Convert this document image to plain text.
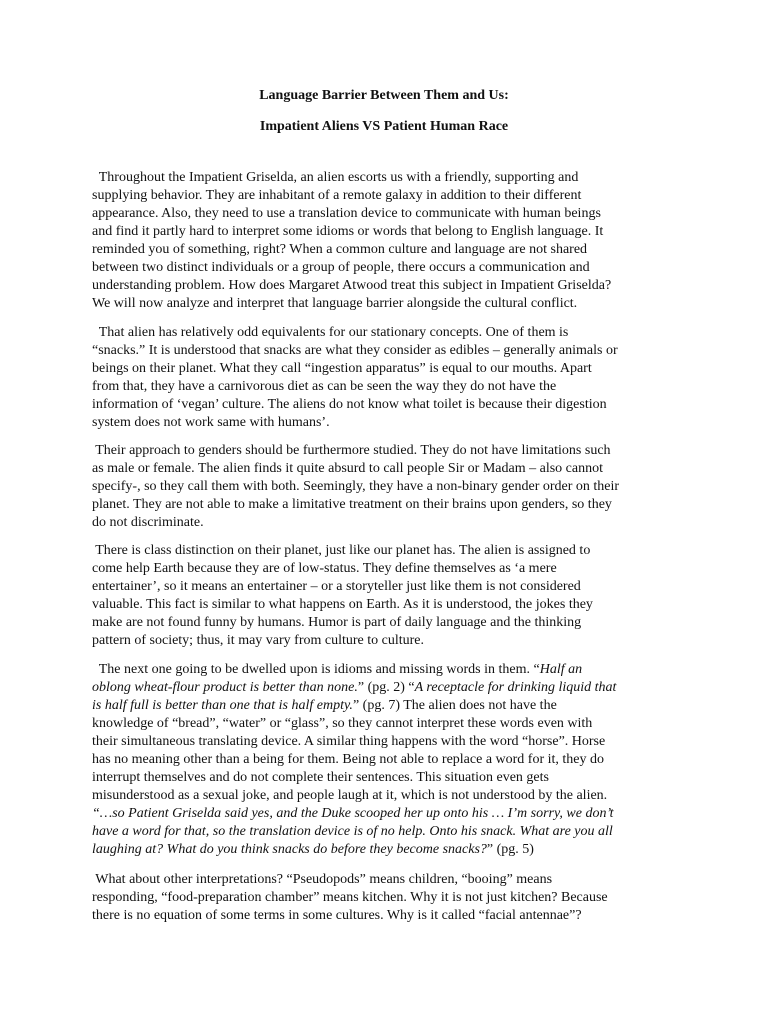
Language Barrier Between Them and Us:
Impatient Aliens VS Patient Human Race
Throughout the Impatient Griselda, an alien escorts us with a friendly, supporting and
supplying behavior. They are inhabitant of a remote galaxy in addition to their different
appearance. Also, they need to use a translation device to communicate with human beings
and find it partly hard to interpret some idioms or words that belong to English language. It
reminded you of something, right? When a common culture and language are not shared
between two distinct individuals or a group of people, there occurs a communication and
understanding problem. How does Margaret Atwood treat this subject in Impatient Griselda?
We will now analyze and interpret that language barrier alongside the cultural conflict.
That alien has relatively odd equivalents for our stationary concepts. One of them is
“snacks.” It is understood that snacks are what they consider as edibles – generally animals or
beings on their planet. What they call “ingestion apparatus” is equal to our mouths. Apart
from that, they have a carnivorous diet as can be seen the way they do not have the
information of ‘vegan’ culture. The aliens do not know what toilet is because their digestion
system does not work same with humans’.
Their approach to genders should be furthermore studied. They do not have limitations such
as male or female. The alien finds it quite absurd to call people Sir or Madam – also cannot
specify-, so they call them with both. Seemingly, they have a non-binary gender order on their
planet. They are not able to make a limitative treatment on their brains upon genders, so they
do not discriminate.
There is class distinction on their planet, just like our planet has. The alien is assigned to
come help Earth because they are of low-status. They define themselves as ‘a mere
entertainer’, so it means an entertainer – or a storyteller just like them is not considered
valuable. This fact is similar to what happens on Earth. As it is understood, the jokes they
make are not found funny by humans. Humor is part of daily language and the thinking
pattern of society; thus, it may vary from culture to culture.
The next one going to be dwelled upon is idioms and missing words in them. “Half an
oblong wheat-flour product is better than none.” (pg. 2) “A receptacle for drinking liquid that
is half full is better than one that is half empty.” (pg. 7) The alien does not have the
knowledge of “bread”, “water” or “glass”, so they cannot interpret these words even with
their simultaneous translating device. A similar thing happens with the word “horse”. Horse
has no meaning other than a being for them. Being not able to replace a word for it, they do
interrupt themselves and do not complete their sentences. This situation even gets
misunderstood as a sexual joke, and people laugh at it, which is not understood by the alien.
“…so Patient Griselda said yes, and the Duke scooped her up onto his … I’m sorry, we don’t
have a word for that, so the translation device is of no help. Onto his snack. What are you all
laughing at? What do you think snacks do before they become snacks?” (pg. 5)
What about other interpretations? “Pseudopods” means children, “booing” means
responding, “food-preparation chamber” means kitchen. Why it is not just kitchen? Because
there is no equation of some terms in some cultures. Why is it called “facial antennae”?
